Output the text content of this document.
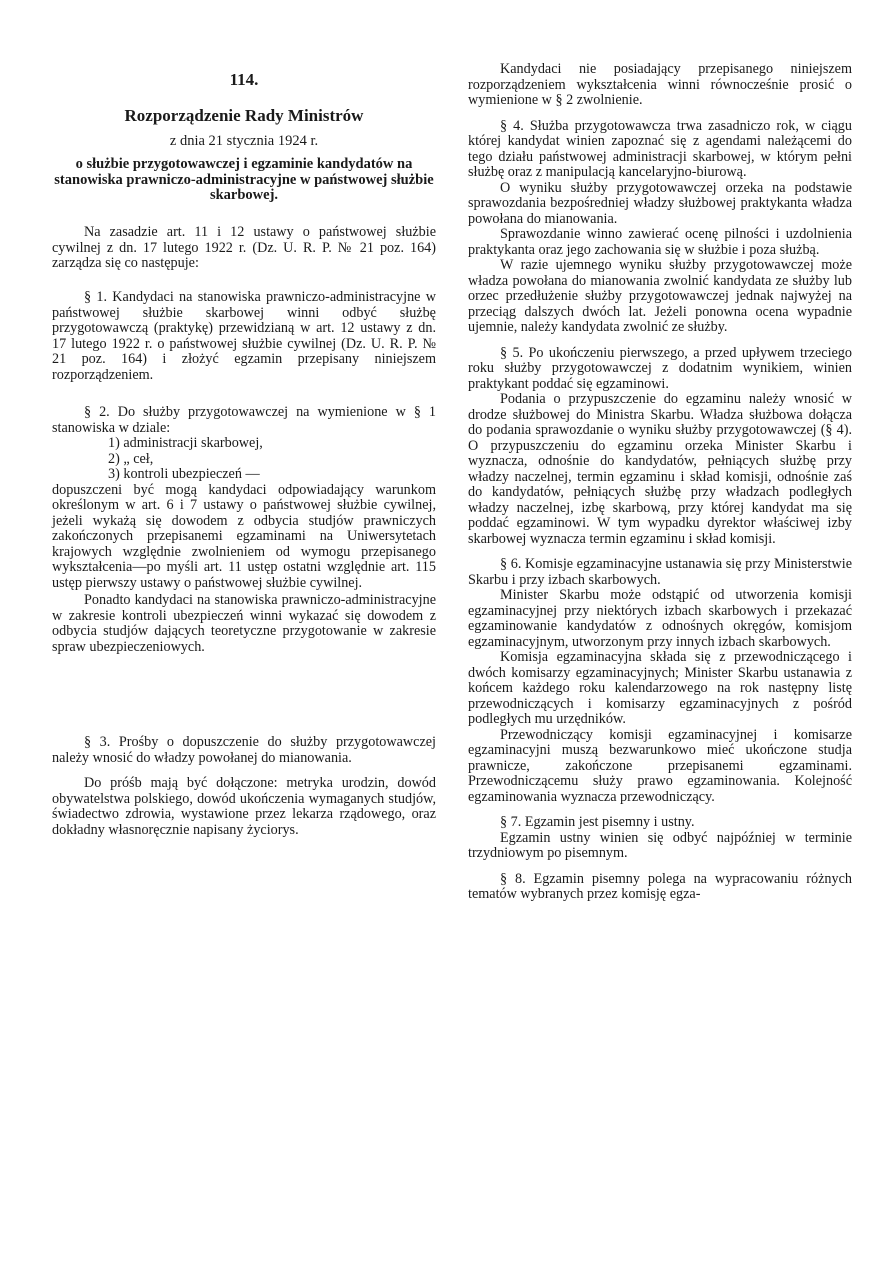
114.
Rozporządzenie Rady Ministrów
z dnia 21 stycznia 1924 r.
o służbie przygotowawczej i egzaminie kandydatów na stanowiska prawniczo-administracyjne w państwowej służbie skarbowej.

Na zasadzie art. 11 i 12 ustawy o państwowej służbie cywilnej z dn. 17 lutego 1922 r. (Dz. U. R. P. № 21 poz. 164) zarządza się co następuje:

§ 1. Kandydaci na stanowiska prawniczo-administracyjne w państwowej służbie skarbowej winni odbyć służbę przygotowawczą (praktykę) przewidzianą w art. 12 ustawy z dn. 17 lutego 1922 r. o państwowej służbie cywilnej (Dz. U. R. P. № 21 poz. 164) i złożyć egzamin przepisany niniejszem rozporządzeniem.

§ 2. Do służby przygotowawczej na wymienione w § 1 stanowiska w dziale:

1) administracji skarbowej,

2) „ ceł,

3) kontroli ubezpieczeń —

dopuszczeni być mogą kandydaci odpowiadający warunkom określonym w art. 6 i 7 ustawy o państwowej służbie cywilnej, jeżeli wykażą się dowodem z odbycia studjów prawniczych zakończonych przepisanemi egzaminami na Uniwersytetach krajowych względnie zwolnieniem od wymogu przepisanego wykształcenia—po myśli art. 11 ustęp ostatni względnie art. 115 ustęp pierwszy ustawy o państwowej służbie cywilnej.

Ponadto kandydaci na stanowiska prawniczo-administracyjne w zakresie kontroli ubezpieczeń winni wykazać się dowodem z odbycia studjów dających teoretyczne przygotowanie w zakresie spraw ubezpieczeniowych.

§ 3. Prośby o dopuszczenie do służby przygotowawczej należy wnosić do władzy powołanej do mianowania.

Do próśb mają być dołączone: metryka urodzin, dowód obywatelstwa polskiego, dowód ukończenia wymaganych studjów, świadectwo zdrowia, wystawione przez lekarza rządowego, oraz dokładny własnoręcznie napisany życiorys.

Kandydaci nie posiadający przepisanego niniejszem rozporządzeniem wykształcenia winni równocześnie prosić o wymienione w § 2 zwolnienie.

§ 4. Służba przygotowawcza trwa zasadniczo rok, w ciągu której kandydat winien zapoznać się z agendami należącemi do tego działu państwowej administracji skarbowej, w którym pełni służbę oraz z manipulacją kancelaryjno-biurową.

O wyniku służby przygotowawczej orzeka na podstawie sprawozdania bezpośredniej władzy służbowej praktykanta władza powołana do mianowania.

Sprawozdanie winno zawierać ocenę pilności i uzdolnienia praktykanta oraz jego zachowania się w służbie i poza służbą.

W razie ujemnego wyniku służby przygotowawczej może władza powołana do mianowania zwolnić kandydata ze służby lub orzec przedłużenie służby przygotowawczej jednak najwyżej na przeciąg dalszych dwóch lat. Jeżeli ponowna ocena wypadnie ujemnie, należy kandydata zwolnić ze służby.

§ 5. Po ukończeniu pierwszego, a przed upływem trzeciego roku służby przygotowawczej z dodatnim wynikiem, winien praktykant poddać się egzaminowi.

Podania o przypuszczenie do egzaminu należy wnosić w drodze służbowej do Ministra Skarbu. Władza służbowa dołącza do podania sprawozdanie o wyniku służby przygotowawczej (§ 4). O przypuszczeniu do egzaminu orzeka Minister Skarbu i wyznacza, odnośnie do kandydatów, pełniących służbę przy władzy naczelnej, termin egzaminu i skład komisji, odnośnie zaś do kandydatów, pełniących służbę przy władzach podległych władzy naczelnej, izbę skarbową, przy której kandydat ma się poddać egzaminowi. W tym wypadku dyrektor właściwej izby skarbowej wyznacza termin egzaminu i skład komisji.

§ 6. Komisje egzaminacyjne ustanawia się przy Ministerstwie Skarbu i przy izbach skarbowych.

Minister Skarbu może odstąpić od utworzenia komisji egzaminacyjnej przy niektórych izbach skarbowych i przekazać egzaminowanie kandydatów z odnośnych okręgów, komisjom egzaminacyjnym, utworzonym przy innych izbach skarbowych.

Komisja egzaminacyjna składa się z przewodniczącego i dwóch komisarzy egzaminacyjnych; Minister Skarbu ustanawia z końcem każdego roku kalendarzowego na rok następny listę przewodniczących i komisarzy egzaminacyjnych z pośród podległych mu urzędników.

Przewodniczący komisji egzaminacyjnej i komisarze egzaminacyjni muszą bezwarunkowo mieć ukończone studja prawnicze, zakończone przepisanemi egzaminami. Przewodniczącemu służy prawo egzaminowania. Kolejność egzaminowania wyznacza przewodniczący.

§ 7. Egzamin jest pisemny i ustny.

Egzamin ustny winien się odbyć najpóźniej w terminie trzydniowym po pisemnym.

§ 8. Egzamin pisemny polega na wypracowaniu różnych tematów wybranych przez komisję egza-
